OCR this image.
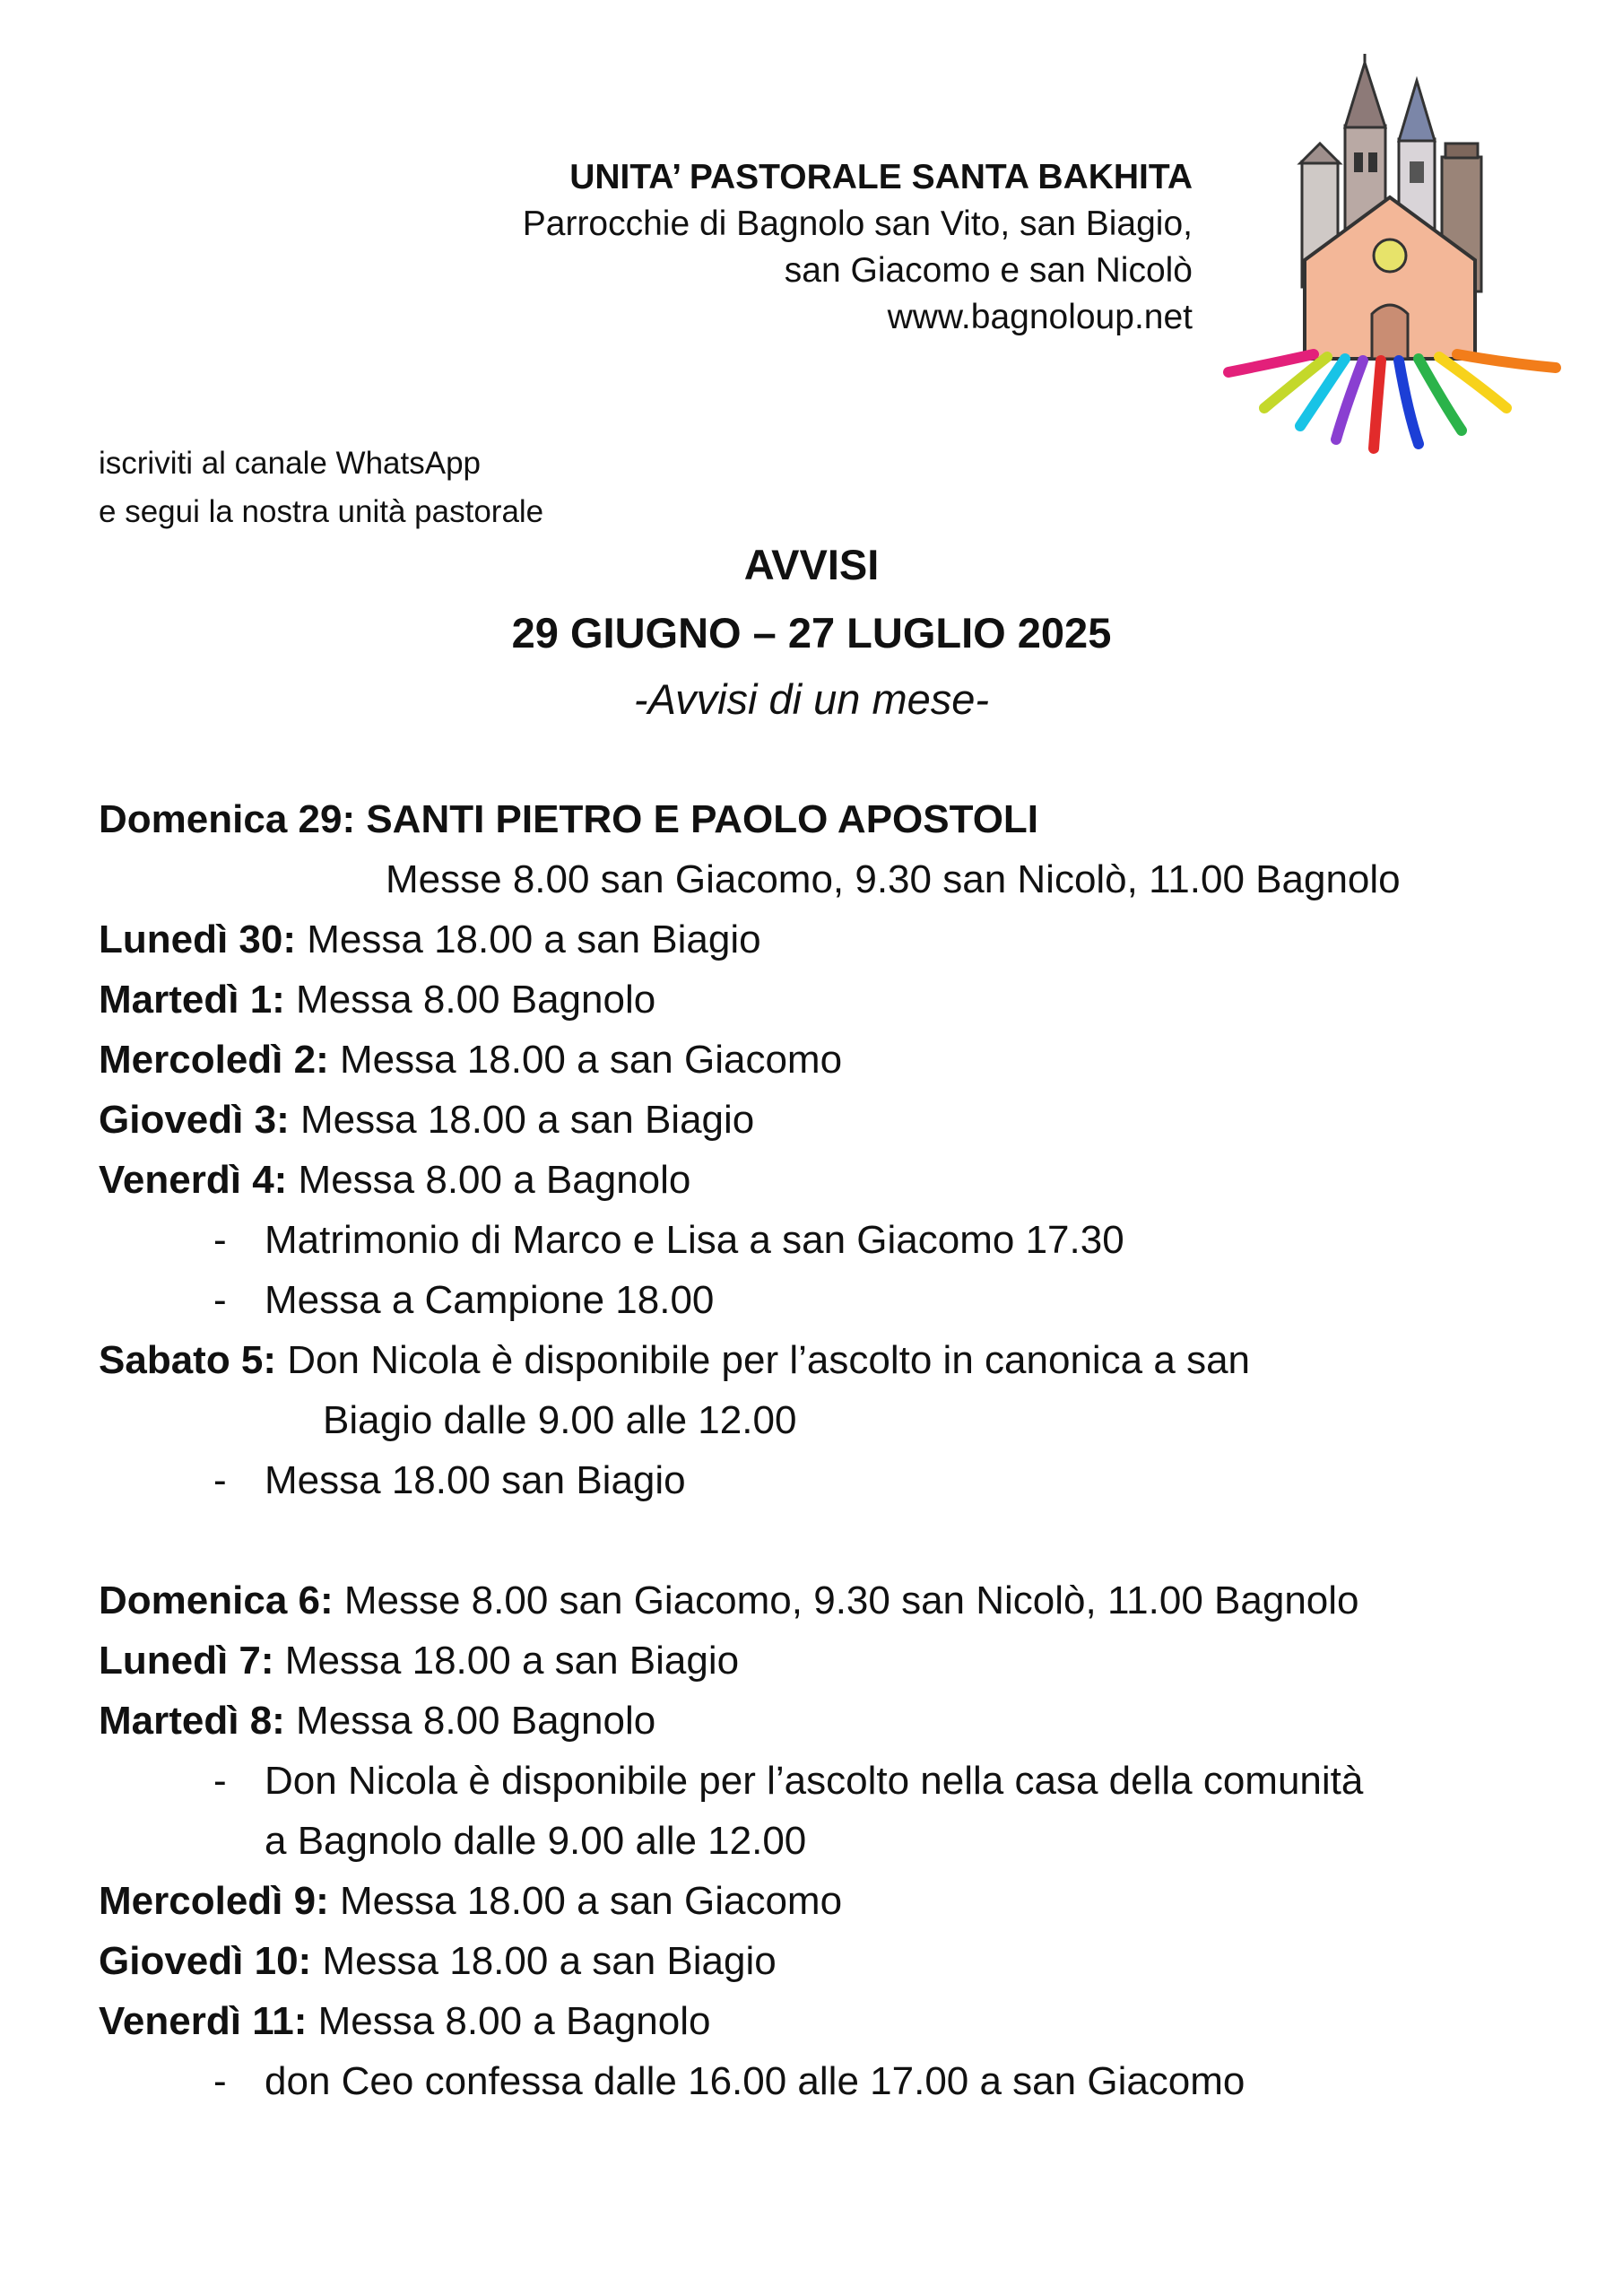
UNITA’ PASTORALE SANTA BAKHITA
Parrocchie di Bagnolo san Vito, san Biagio,
san Giacomo e san Nicolò
www.bagnoloup.net
iscriviti al canale WhatsApp
e segui la nostra unità pastorale
AVVISI
29 GIUGNO – 27 LUGLIO 2025
-Avvisi di un mese-
Domenica 29: SANTI PIETRO E PAOLO APOSTOLI
Messe 8.00 san Giacomo, 9.30 san Nicolò, 11.00 Bagnolo
Lunedì 30: Messa 18.00 a san Biagio
Martedì 1: Messa 8.00 Bagnolo
Mercoledì 2: Messa 18.00 a san Giacomo
Giovedì 3: Messa 18.00 a san Biagio
Venerdì 4: Messa 8.00 a Bagnolo
- Matrimonio di Marco e Lisa a san Giacomo 17.30
- Messa a Campione 18.00
Sabato 5: Don Nicola è disponibile per l’ascolto in canonica a san
Biagio dalle 9.00 alle 12.00
- Messa 18.00 san Biagio
Domenica 6: Messe 8.00 san Giacomo, 9.30 san Nicolò, 11.00 Bagnolo
Lunedì 7: Messa 18.00 a san Biagio
Martedì 8: Messa 8.00 Bagnolo
- Don Nicola è disponibile per l’ascolto nella casa della comunità
a Bagnolo dalle 9.00 alle 12.00
Mercoledì 9: Messa 18.00 a san Giacomo
Giovedì 10: Messa 18.00 a san Biagio
Venerdì 11: Messa 8.00 a Bagnolo
- don Ceo confessa dalle 16.00 alle 17.00 a san Giacomo
